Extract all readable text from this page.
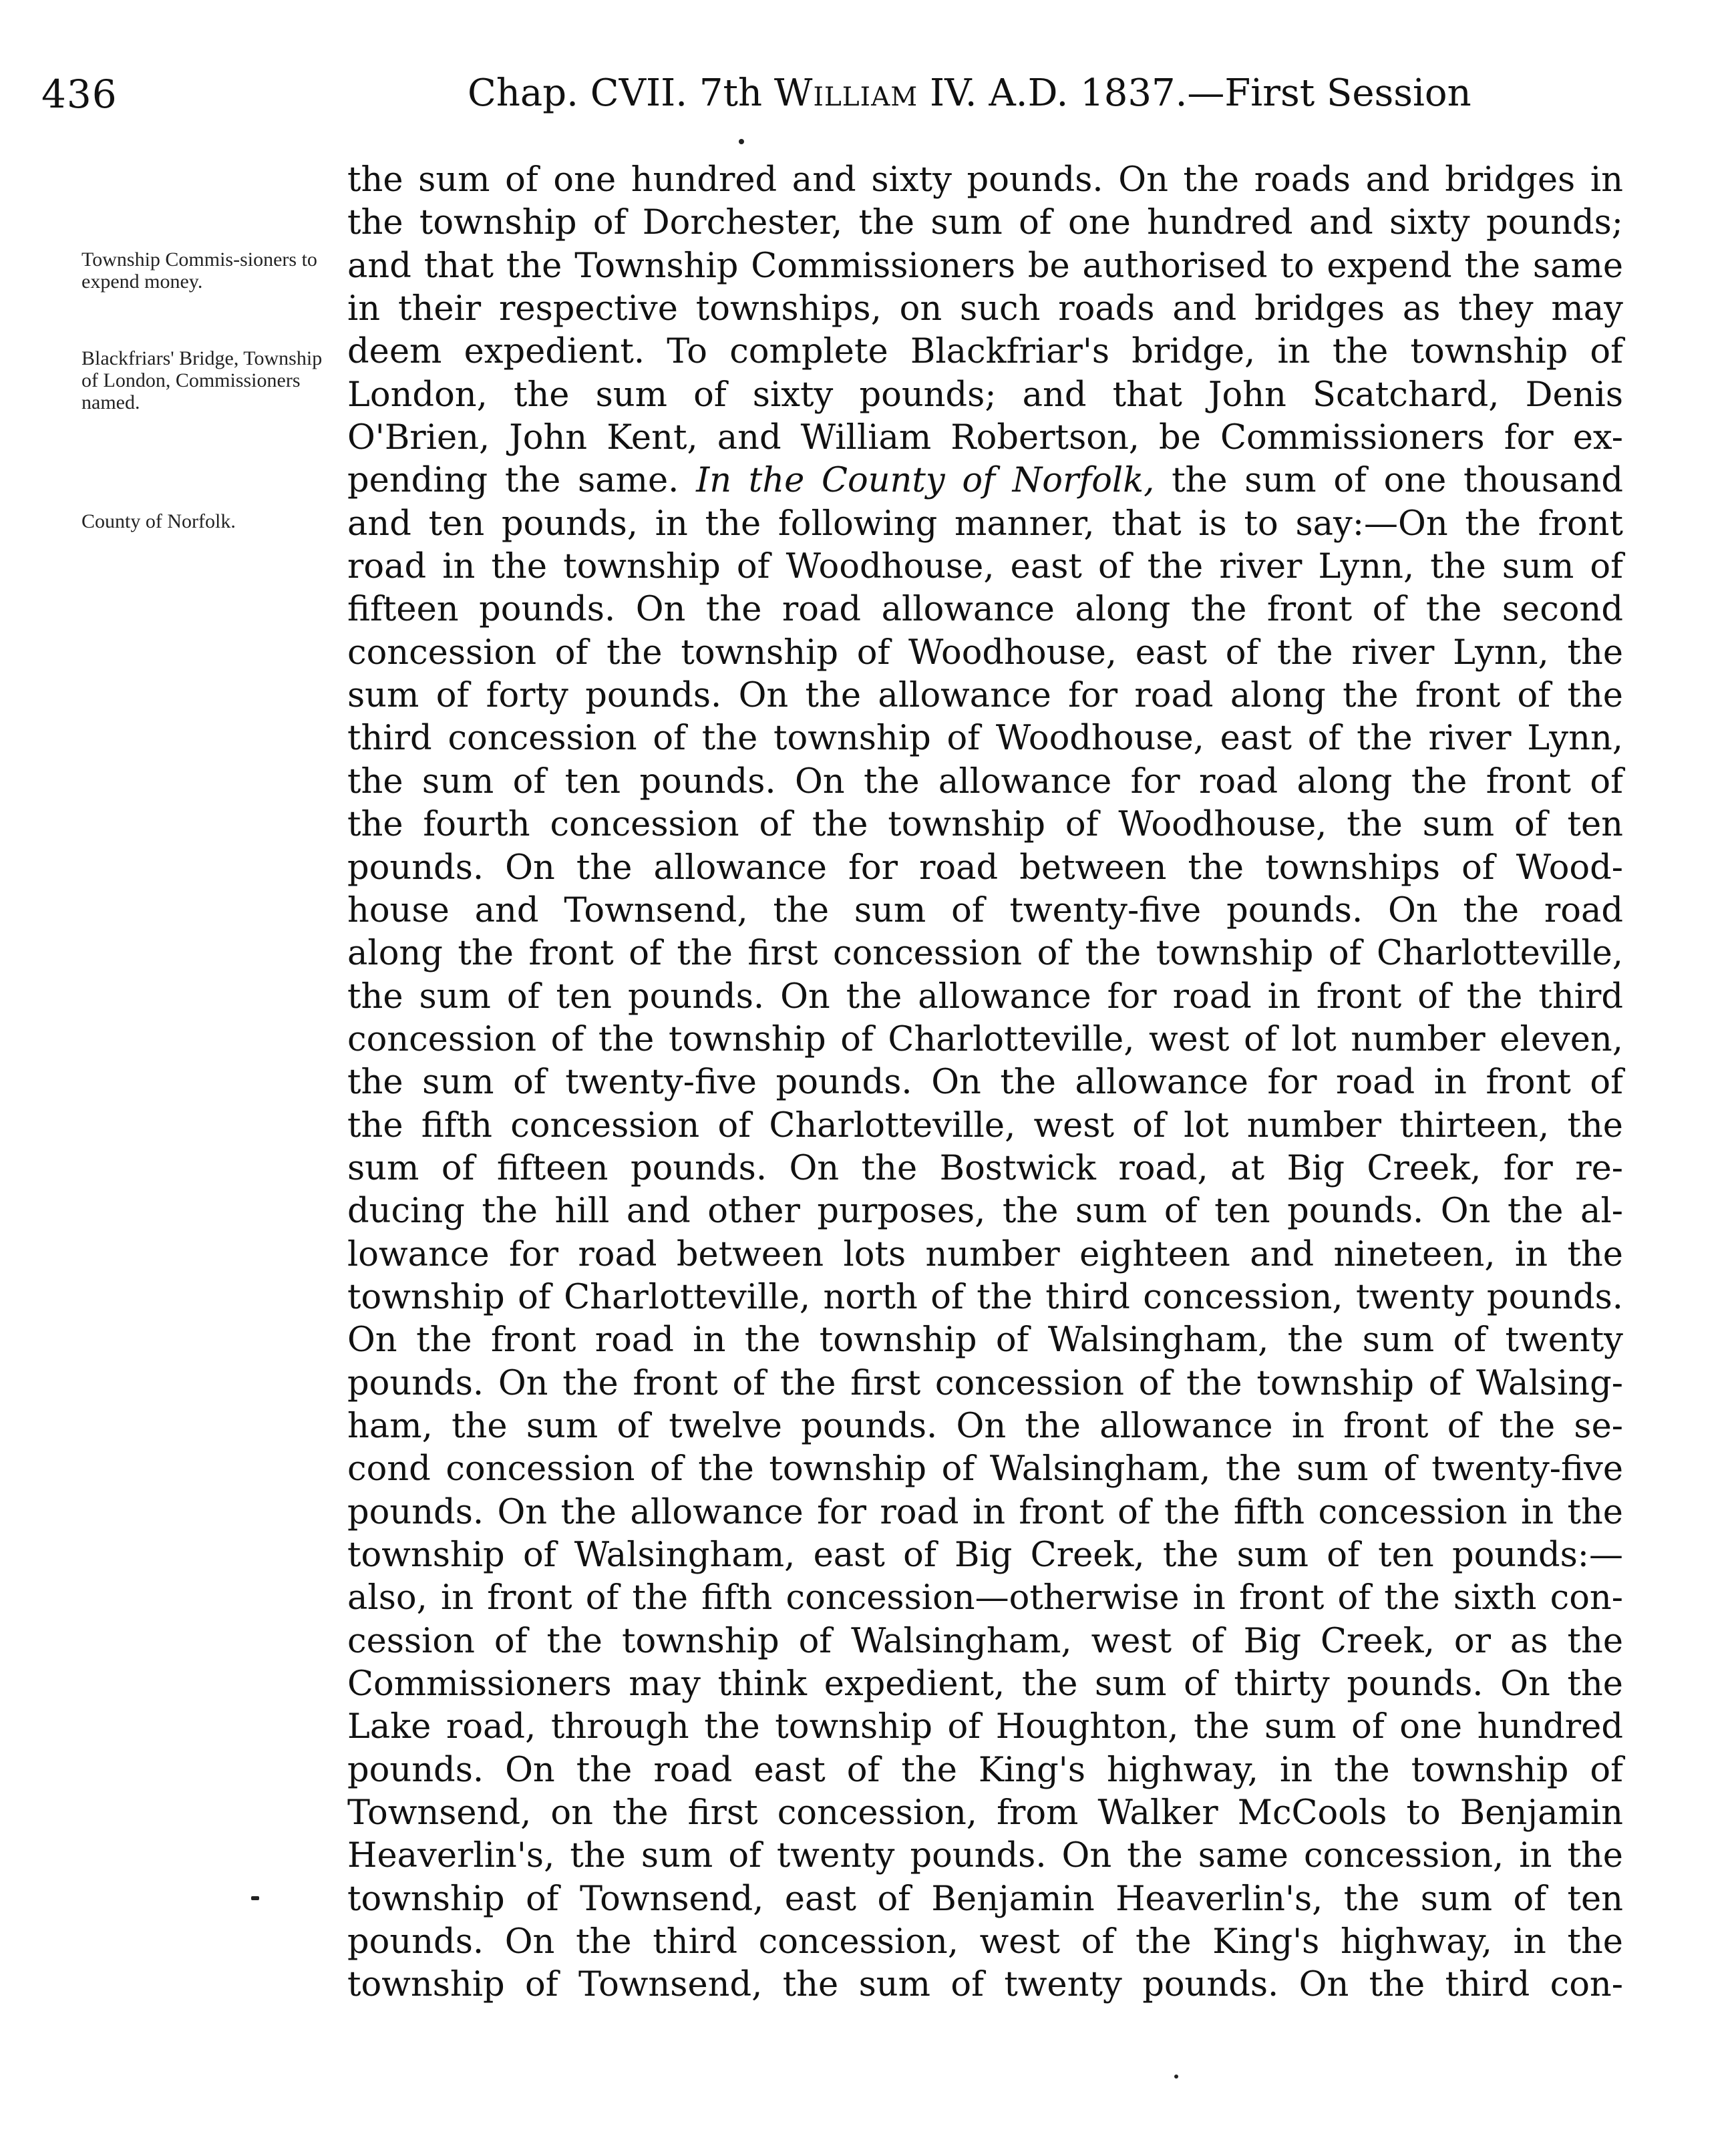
436	Chap. CVII. 7th William IV. A.D. 1837.—First Session
Township Commis-sioners to expend money.
Blackfriars' Bridge, Township of London, Commissioners named.
County of Norfolk.
the sum of one hundred and sixty pounds. On the roads and bridges in
the township of Dorchester, the sum of one hundred and sixty pounds;
and that the Township Commissioners be authorised to expend the same
in their respective townships, on such roads and bridges as they may
deem expedient. To complete Blackfriar's bridge, in the township of
London, the sum of sixty pounds; and that John Scatchard, Denis
O'Brien, John Kent, and William Robertson, be Commissioners for ex-
pending the same. In the County of Norfolk, the sum of one thousand
and ten pounds, in the following manner, that is to say:—On the front
road in the township of Woodhouse, east of the river Lynn, the sum of
fifteen pounds. On the road allowance along the front of the second
concession of the township of Woodhouse, east of the river Lynn, the
sum of forty pounds. On the allowance for road along the front of the
third concession of the township of Woodhouse, east of the river Lynn,
the sum of ten pounds. On the allowance for road along the front of
the fourth concession of the township of Woodhouse, the sum of ten
pounds. On the allowance for road between the townships of Wood-
house and Townsend, the sum of twenty-five pounds. On the road
along the front of the first concession of the township of Charlotteville,
the sum of ten pounds. On the allowance for road in front of the third
concession of the township of Charlotteville, west of lot number eleven,
the sum of twenty-five pounds. On the allowance for road in front of
the fifth concession of Charlotteville, west of lot number thirteen, the
sum of fifteen pounds. On the Bostwick road, at Big Creek, for re-
ducing the hill and other purposes, the sum of ten pounds. On the al-
lowance for road between lots number eighteen and nineteen, in the
township of Charlotteville, north of the third concession, twenty pounds.
On the front road in the township of Walsingham, the sum of twenty
pounds. On the front of the first concession of the township of Walsing-
ham, the sum of twelve pounds. On the allowance in front of the se-
cond concession of the township of Walsingham, the sum of twenty-five
pounds. On the allowance for road in front of the fifth concession in the
township of Walsingham, east of Big Creek, the sum of ten pounds:—
also, in front of the fifth concession—otherwise in front of the sixth con-
cession of the township of Walsingham, west of Big Creek, or as the
Commissioners may think expedient, the sum of thirty pounds. On the
Lake road, through the township of Houghton, the sum of one hundred
pounds. On the road east of the King's highway, in the township of
Townsend, on the first concession, from Walker McCools to Benjamin
Heaverlin's, the sum of twenty pounds. On the same concession, in the
township of Townsend, east of Benjamin Heaverlin's, the sum of ten
pounds. On the third concession, west of the King's highway, in the
township of Townsend, the sum of twenty pounds. On the third con-
